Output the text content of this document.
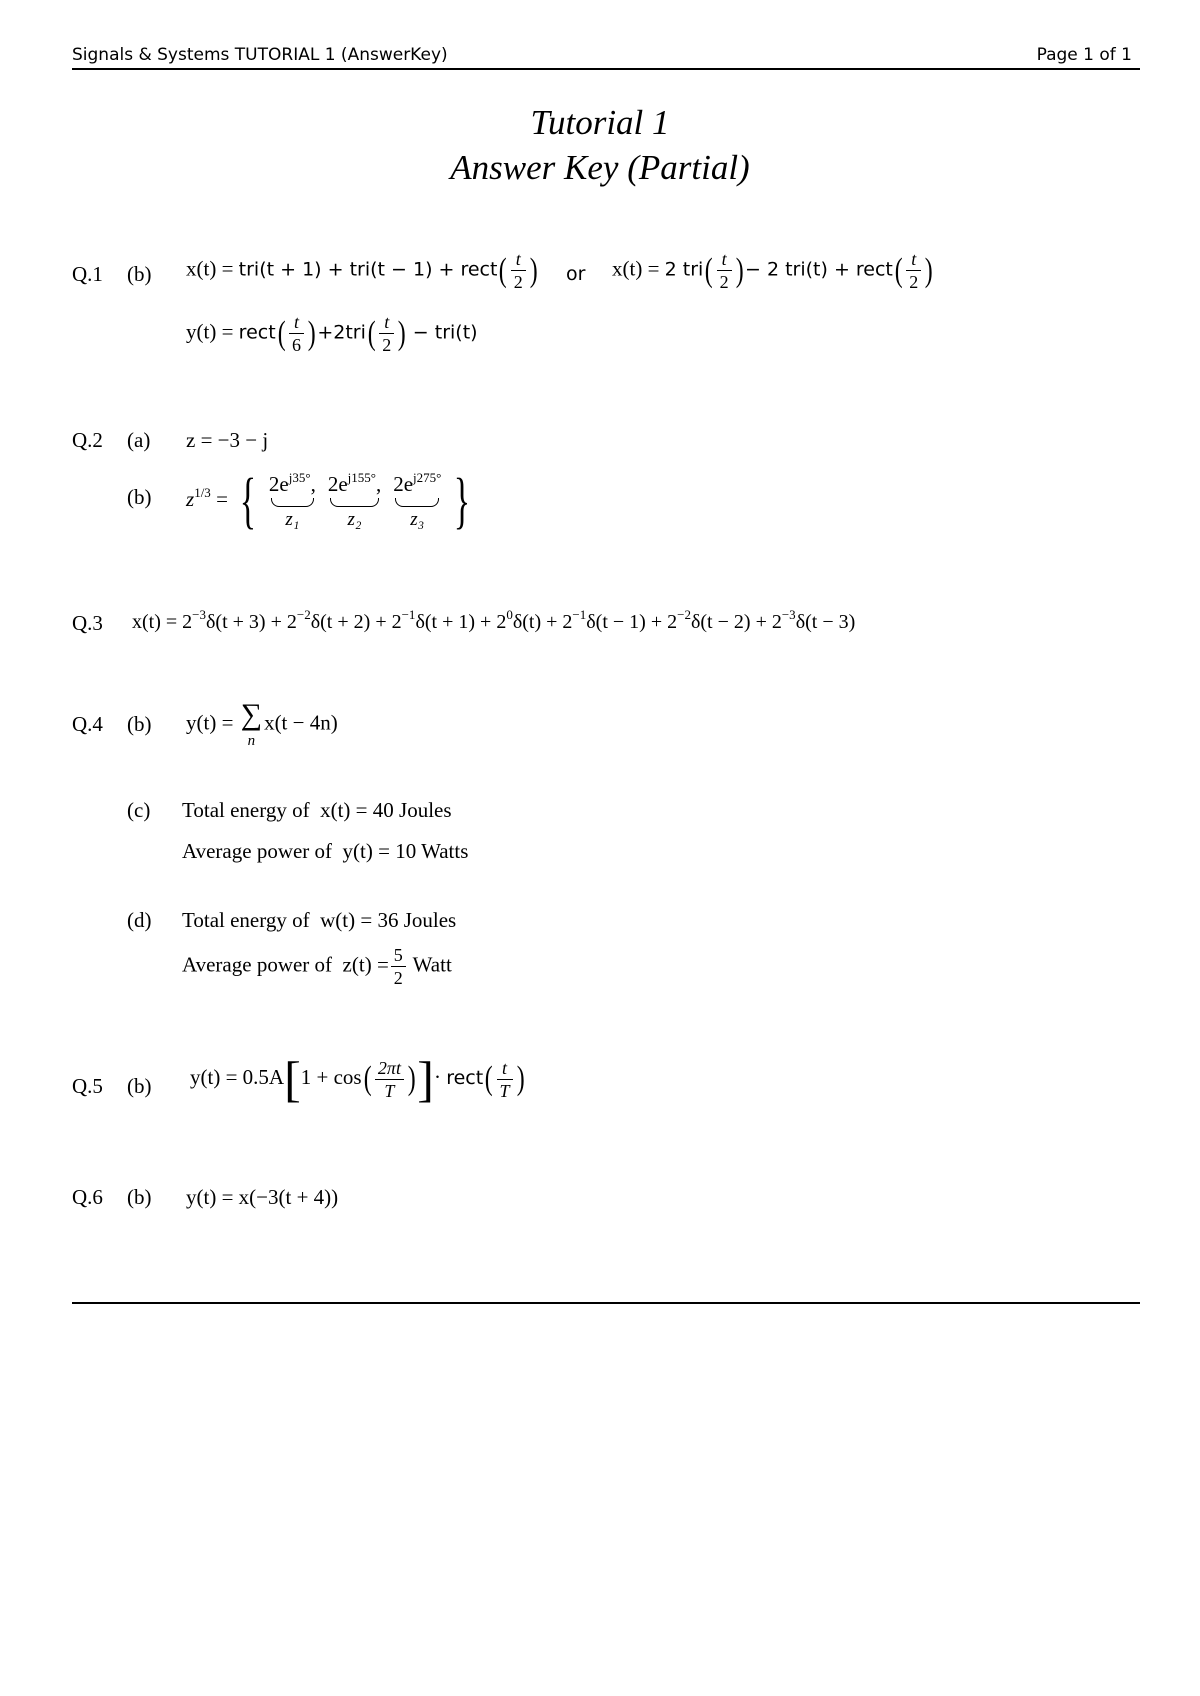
Signals & Systems TUTORIAL 1 (AnswerKey)	Page 1 of 1
Tutorial 1
Answer Key (Partial)
Q.1 (b) x(t) = tri(t + 1) + tri(t − 1) + rect( $\frac{t}{2}$ ) or x(t) = 2 $tri( \frac{t}{2}$ )− 2 tri(t) + rect( $\frac{t}{2}$ )
y(t) = rect( $\frac{t}{6} )+2tri( \frac{t}{2}$ ) − tri(t)
Q.2 (a) z = −3 − j
(b) $z^{1/3}$ = { $2e^{j35^\circ}$,
z₁
$2e^{j155^\circ}$,
z₂
$2e^{j275^\circ}$
z₃ }
Q.3 $x(t) = 2^{-3}\delta(t + 3) + 2^{-2}\delta(t + 2) + 2^{-1}\delta(t + 1) + 2^0\delta(t) + 2^{-1}\delta(t - 1) + 2^{-2}\delta(t - 2) + 2^{-3}\delta(t - 3)$
Q.4 (b) y(t) = ∑
n
x(t − 4n)
(c) Total energy of x(t) = 40 Joules
Average power of y(t) = 10 Watts
(d) Total energy of w(t) = 36 Joules
Average power of $z(t) = \frac{5}{2}$ Watt
Q.5 (b) $y(t) = 0.5A[1 + \cos( \frac{2\pi t}{T}$ )]· rect( $\frac{t}{T}$ )
Q.6 (b) y(t) = x(−3(t + 4))
